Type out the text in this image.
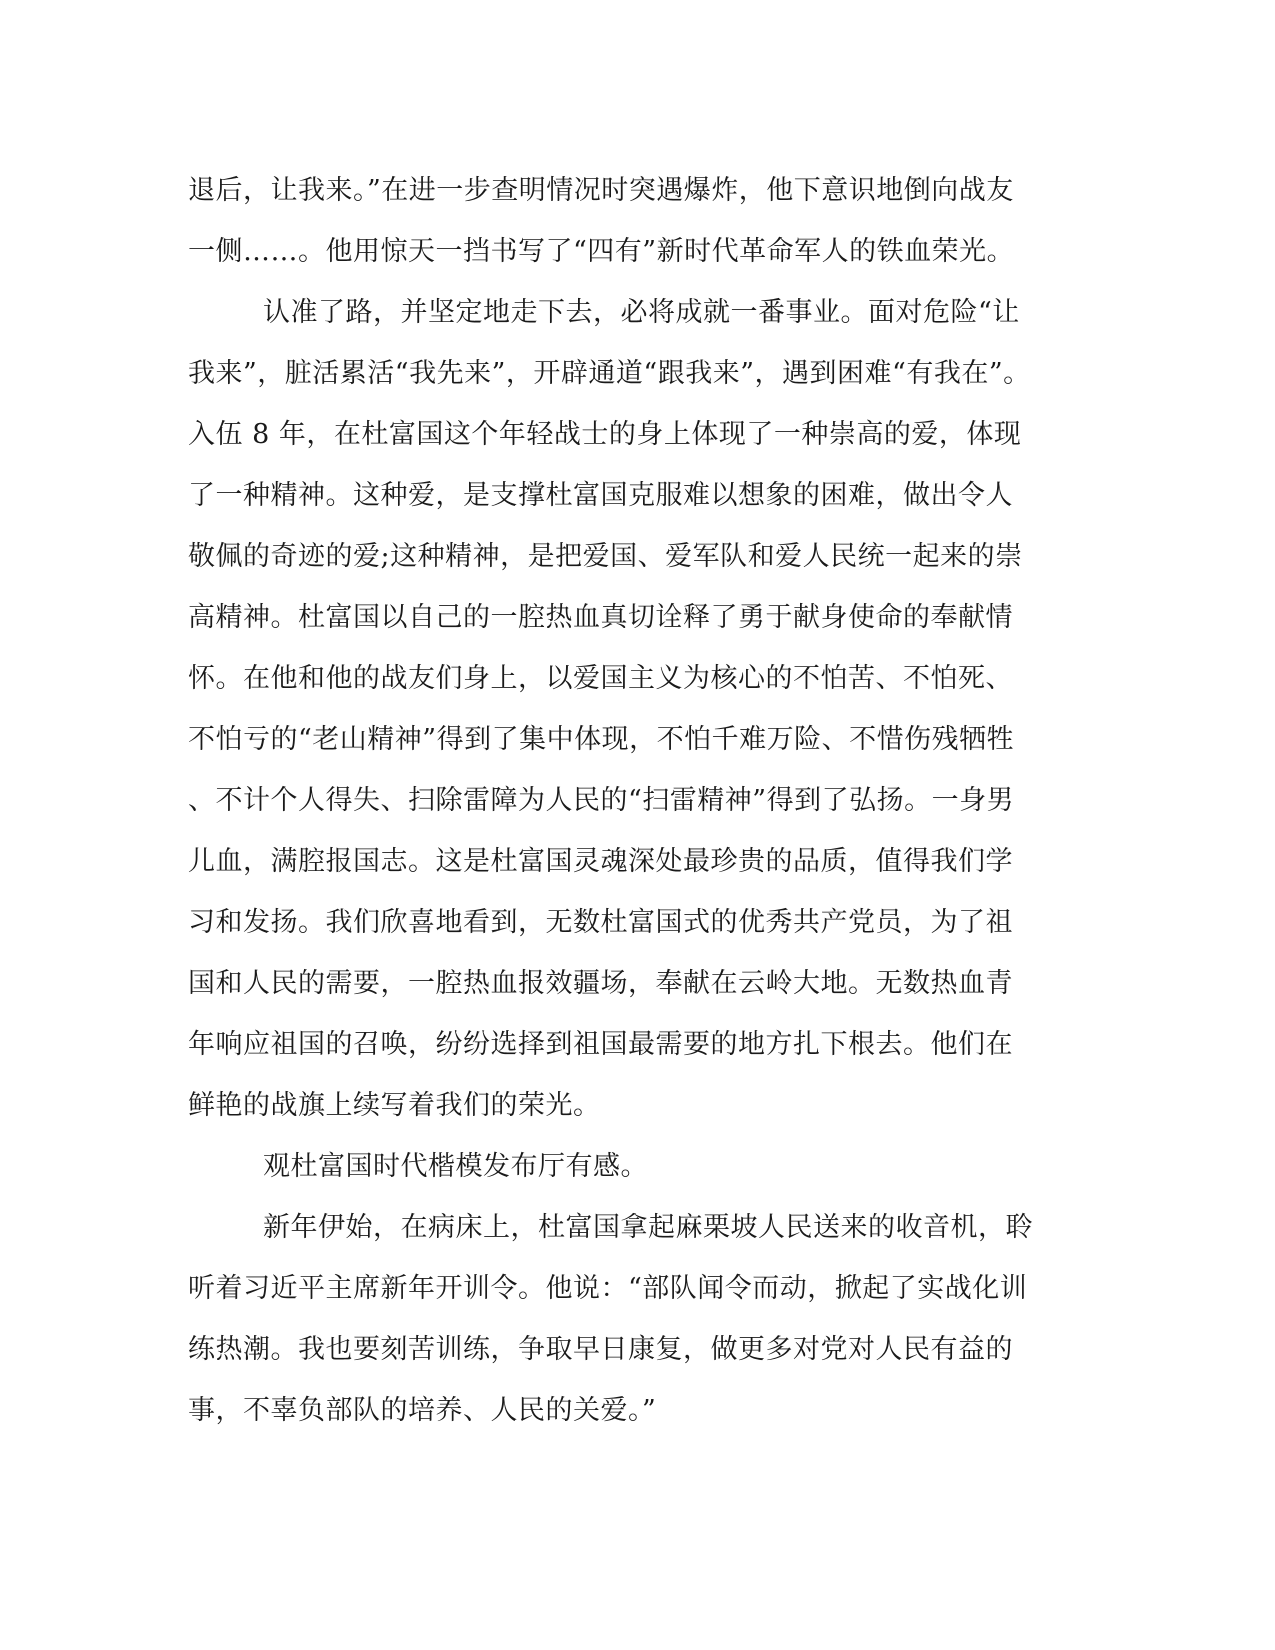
退后，让我来。”在进一步查明情况时突遇爆炸，他下意识地倒向战友
一侧……。他用惊天一挡书写了“四有”新时代革命军人的铁血荣光。
认准了路，并坚定地走下去，必将成就一番事业。面对危险“让
我来”，脏活累活“我先来”，开辟通道“跟我来”，遇到困难“有我在”。
入伍 8 年，在杜富国这个年轻战士的身上体现了一种崇高的爱，体现
了一种精神。这种爱，是支撑杜富国克服难以想象的困难，做出令人
敬佩的奇迹的爱;这种精神，是把爱国、爱军队和爱人民统一起来的崇
高精神。杜富国以自己的一腔热血真切诠释了勇于献身使命的奉献情
怀。在他和他的战友们身上，以爱国主义为核心的不怕苦、不怕死、
不怕亏的“老山精神”得到了集中体现，不怕千难万险、不惜伤残牺牲
、不计个人得失、扫除雷障为人民的“扫雷精神”得到了弘扬。一身男
儿血，满腔报国志。这是杜富国灵魂深处最珍贵的品质，值得我们学
习和发扬。我们欣喜地看到，无数杜富国式的优秀共产党员，为了祖
国和人民的需要，一腔热血报效疆场，奉献在云岭大地。无数热血青
年响应祖国的召唤，纷纷选择到祖国最需要的地方扎下根去。他们在
鲜艳的战旗上续写着我们的荣光。
观杜富国时代楷模发布厅有感。
新年伊始，在病床上，杜富国拿起麻栗坡人民送来的收音机，聆
听着习近平主席新年开训令。他说：“部队闻令而动，掀起了实战化训
练热潮。我也要刻苦训练，争取早日康复，做更多对党对人民有益的
事，不辜负部队的培养、人民的关爱。”
